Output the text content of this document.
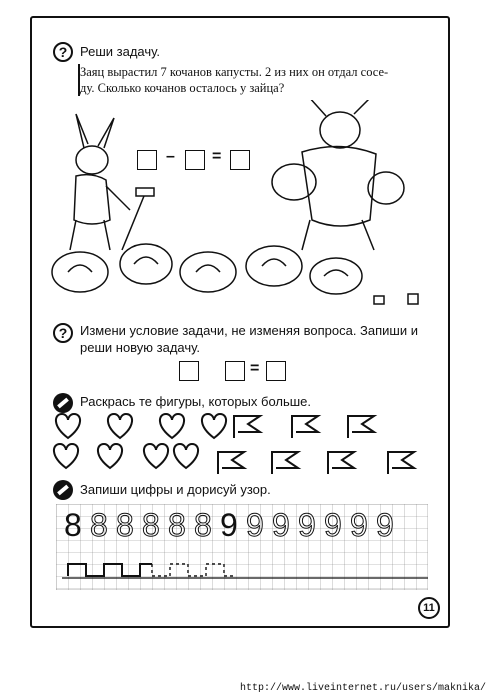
? Реши задачу.
Заяц вырастил 7 кочанов капусты. 2 из них он отдал сосе-
ду. Сколько кочанов осталось у зайца?
– =
? Измени условие задачи, не изменяя вопроса. Запиши и
реши новую задачу.
=
Раскрась те фигуры, которых больше.
Запиши цифры и дорисуй узор.
8 8 8 8 8 8 9 9 9 9 9 9 9
11
http://www.liveinternet.ru/users/maknika/
